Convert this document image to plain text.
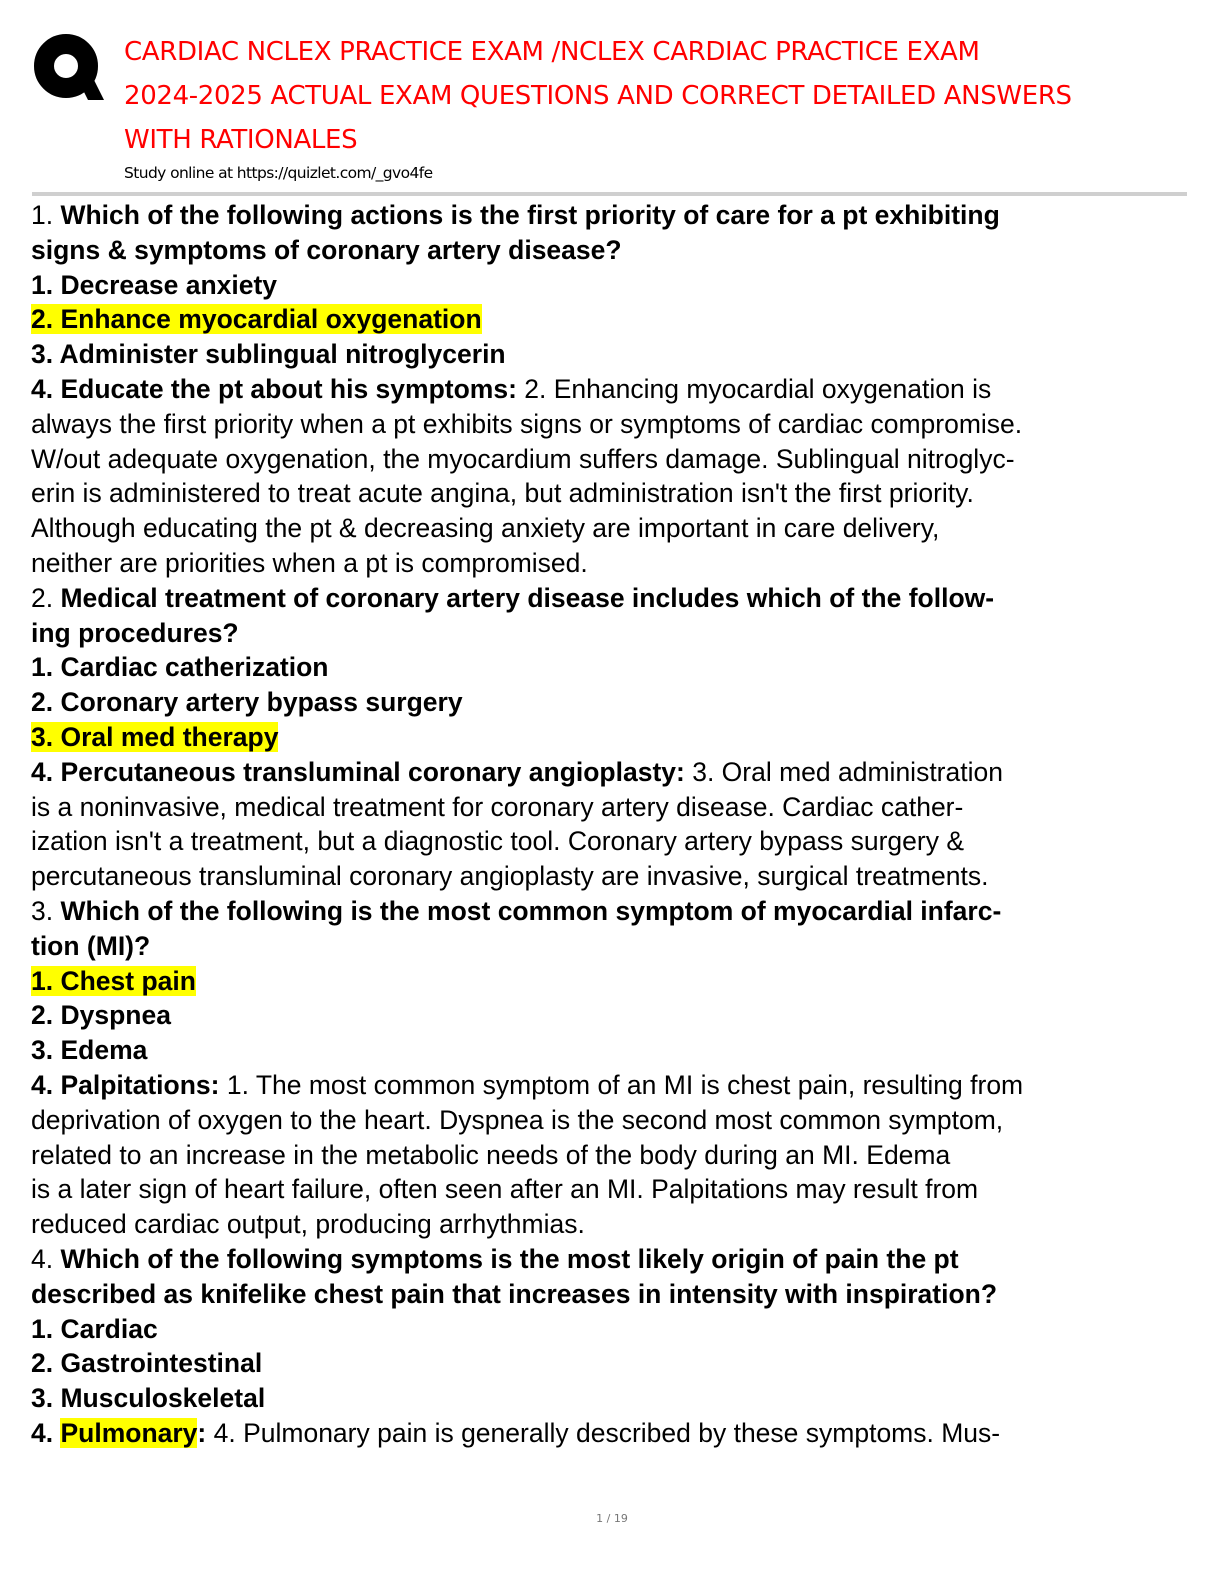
CARDIAC NCLEX PRACTICE EXAM /NCLEX CARDIAC PRACTICE EXAM
2024-2025 ACTUAL EXAM QUESTIONS AND CORRECT DETAILED ANSWERS
WITH RATIONALES
Study online at https://quizlet.com/_gvo4fe
1. Which of the following actions is the first priority of care for a pt exhibiting
signs & symptoms of coronary artery disease?
1. Decrease anxiety
2. Enhance myocardial oxygenation
3. Administer sublingual nitroglycerin
4. Educate the pt about his symptoms: 2. Enhancing myocardial oxygenation is
always the first priority when a pt exhibits signs or symptoms of cardiac compromise.
W/out adequate oxygenation, the myocardium suffers damage. Sublingual nitroglyc-
erin is administered to treat acute angina, but administration isn't the first priority.
Although educating the pt & decreasing anxiety are important in care delivery,
neither are priorities when a pt is compromised.
2. Medical treatment of coronary artery disease includes which of the follow-
ing procedures?
1. Cardiac catherization
2. Coronary artery bypass surgery
3. Oral med therapy
4. Percutaneous transluminal coronary angioplasty: 3. Oral med administration
is a noninvasive, medical treatment for coronary artery disease. Cardiac cather-
ization isn't a treatment, but a diagnostic tool. Coronary artery bypass surgery &
percutaneous transluminal coronary angioplasty are invasive, surgical treatments.
3. Which of the following is the most common symptom of myocardial infarc-
tion (MI)?
1. Chest pain
2. Dyspnea
3. Edema
4. Palpitations: 1. The most common symptom of an MI is chest pain, resulting from
deprivation of oxygen to the heart. Dyspnea is the second most common symptom,
related to an increase in the metabolic needs of the body during an MI. Edema
is a later sign of heart failure, often seen after an MI. Palpitations may result from
reduced cardiac output, producing arrhythmias.
4. Which of the following symptoms is the most likely origin of pain the pt
described as knifelike chest pain that increases in intensity with inspiration?
1. Cardiac
2. Gastrointestinal
3. Musculoskeletal
4. Pulmonary: 4. Pulmonary pain is generally described by these symptoms. Mus-
1 / 19
